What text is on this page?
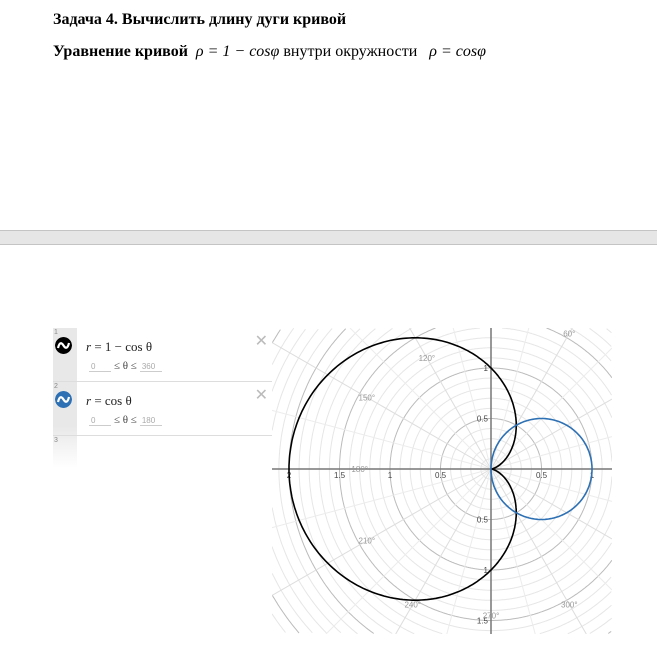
Задача 4. Вычислить длину дуги кривой
Уравнение кривой ρ = 1 − cosφ внутри окружности ρ = cosφ
1
r = 1 − cos θ
0 ≤ θ ≤ 360
✕
2
r = cos θ
0 ≤ θ ≤ 180
✕
3
60°
120°
150°
180°
210°
240°
270°
300°
2	1.5	1	0.5	0.5	1
1
0.5
0.5
1
1.5
